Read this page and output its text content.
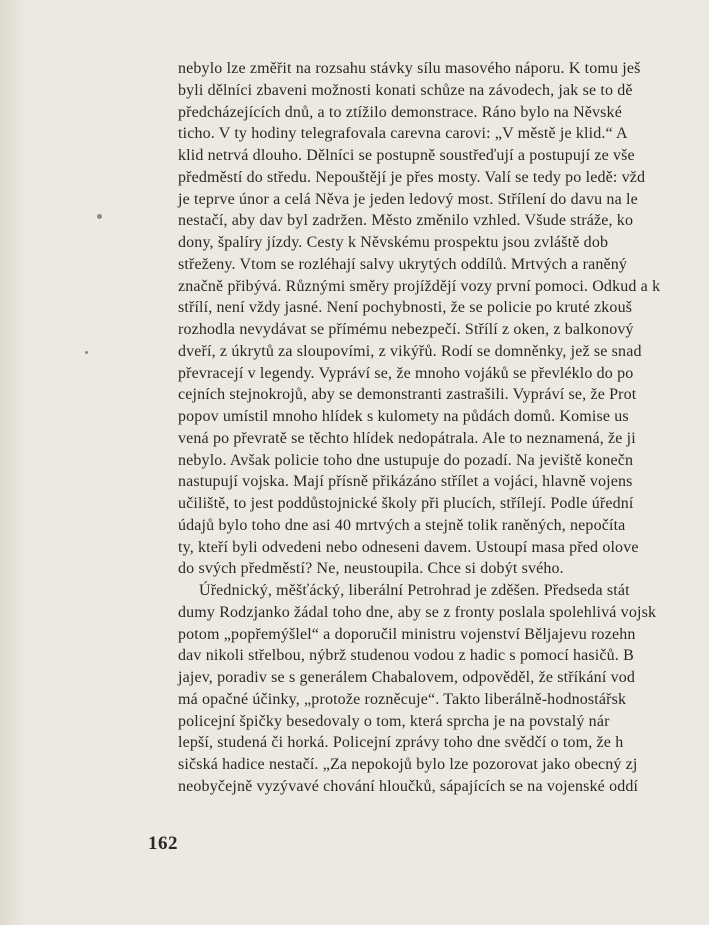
nebylo lze změřit na rozsahu stávky sílu masového náporu. K tomu ješ
byli dělníci zbaveni možnosti konati schůze na závodech, jak se to dě
předcházejících dnů, a to ztížilo demonstrace. Ráno bylo na Něvské
ticho. V ty hodiny telegrafovala carevna carovi: „V městě je klid.“ A
klid netrvá dlouho. Dělníci se postupně soustřeďují a postupují ze vše
předměstí do středu. Nepouštějí je přes mosty. Valí se tedy po ledě: vžd
je teprve únor a celá Něva je jeden ledový most. Střílení do davu na le
nestačí, aby dav byl zadržen. Město změnilo vzhled. Všude stráže, ko
dony, špalíry jízdy. Cesty k Něvskému prospektu jsou zvláště dob
střeženy. Vtom se rozléhají salvy ukrytých oddílů. Mrtvých a raněný
značně přibývá. Různými směry projíždějí vozy první pomoci. Odkud a k
střílí, není vždy jasné. Není pochybnosti, že se policie po kruté zkouš
rozhodla nevydávat se přímému nebezpečí. Střílí z oken, z balkonový
dveří, z úkrytů za sloupovími, z vikýřů. Rodí se domněnky, jež se snad
převracejí v legendy. Vypráví se, že mnoho vojáků se převléklo do po
cejních stejnokrojů, aby se demonstranti zastrašili. Vypráví se, že Prot
popov umístil mnoho hlídek s kulomety na půdách domů. Komise us
vená po převratě se těchto hlídek nedopátrala. Ale to neznamená, že ji
nebylo. Avšak policie toho dne ustupuje do pozadí. Na jeviště konečn
nastupují vojska. Mají přísně přikázáno střílet a vojáci, hlavně vojens
učiliště, to jest poddůstojnické školy při plucích, střílejí. Podle úřední
údajů bylo toho dne asi 40 mrtvých a stejně tolik raněných, nepočíta
ty, kteří byli odvedeni nebo odneseni davem. Ustoupí masa před olove
do svých předměstí? Ne, neustoupila. Chce si dobýt svého.
Úřednický, měšťácký, liberální Petrohrad je zděšen. Předseda stát
dumy Rodzjanko žádal toho dne, aby se z fronty poslala spolehlivá vojsk
potom „popřemýšlel“ a doporučil ministru vojenství Běljajevu rozehn
dav nikoli střelbou, nýbrž studenou vodou z hadic s pomocí hasičů. B
jajev, poradiv se s generálem Chabalovem, odpověděl, že stříkání vod
má opačné účinky, „protože rozněcuje“. Takto liberálně-hodnostářsk
policejní špičky besedovaly o tom, která sprcha je na povstalý nár
lepší, studená či horká. Policejní zprávy toho dne svědčí o tom, že h
sičská hadice nestačí. „Za nepokojů bylo lze pozorovat jako obecný zj
neobyčejně vyzývavé chování hloučků, sápajících se na vojenské oddí
162
